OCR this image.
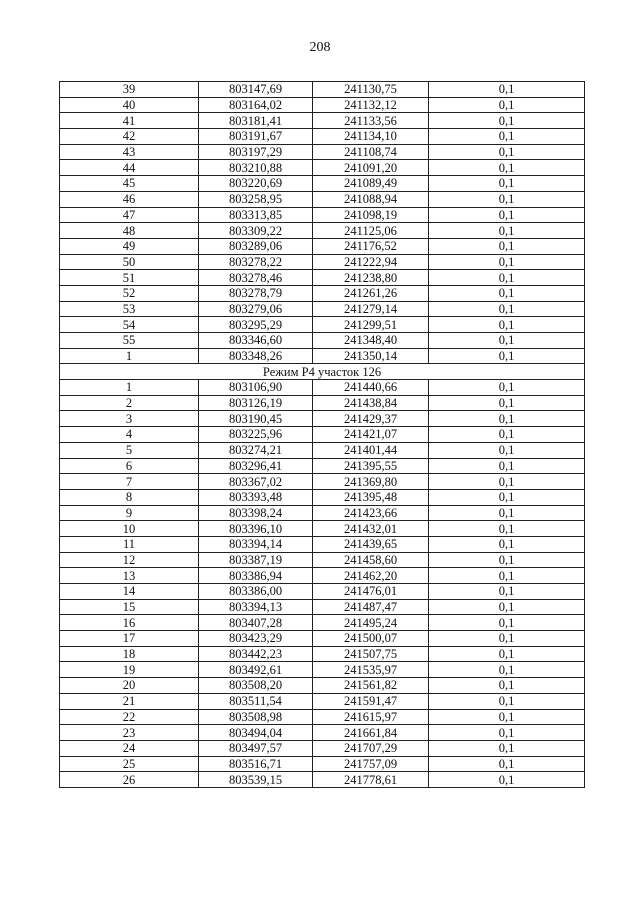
208
39	803147,69	241130,75	0,1
40	803164,02	241132,12	0,1
41	803181,41	241133,56	0,1
42	803191,67	241134,10	0,1
43	803197,29	241108,74	0,1
44	803210,88	241091,20	0,1
45	803220,69	241089,49	0,1
46	803258,95	241088,94	0,1
47	803313,85	241098,19	0,1
48	803309,22	241125,06	0,1
49	803289,06	241176,52	0,1
50	803278,22	241222,94	0,1
51	803278,46	241238,80	0,1
52	803278,79	241261,26	0,1
53	803279,06	241279,14	0,1
54	803295,29	241299,51	0,1
55	803346,60	241348,40	0,1
1	803348,26	241350,14	0,1
Режим Р4 участок 126			
1	803106,90	241440,66	0,1
2	803126,19	241438,84	0,1
3	803190,45	241429,37	0,1
4	803225,96	241421,07	0,1
5	803274,21	241401,44	0,1
6	803296,41	241395,55	0,1
7	803367,02	241369,80	0,1
8	803393,48	241395,48	0,1
9	803398,24	241423,66	0,1
10	803396,10	241432,01	0,1
11	803394,14	241439,65	0,1
12	803387,19	241458,60	0,1
13	803386,94	241462,20	0,1
14	803386,00	241476,01	0,1
15	803394,13	241487,47	0,1
16	803407,28	241495,24	0,1
17	803423,29	241500,07	0,1
18	803442,23	241507,75	0,1
19	803492,61	241535,97	0,1
20	803508,20	241561,82	0,1
21	803511,54	241591,47	0,1
22	803508,98	241615,97	0,1
23	803494,04	241661,84	0,1
24	803497,57	241707,29	0,1
25	803516,71	241757,09	0,1
26	803539,15	241778,61	0,1
